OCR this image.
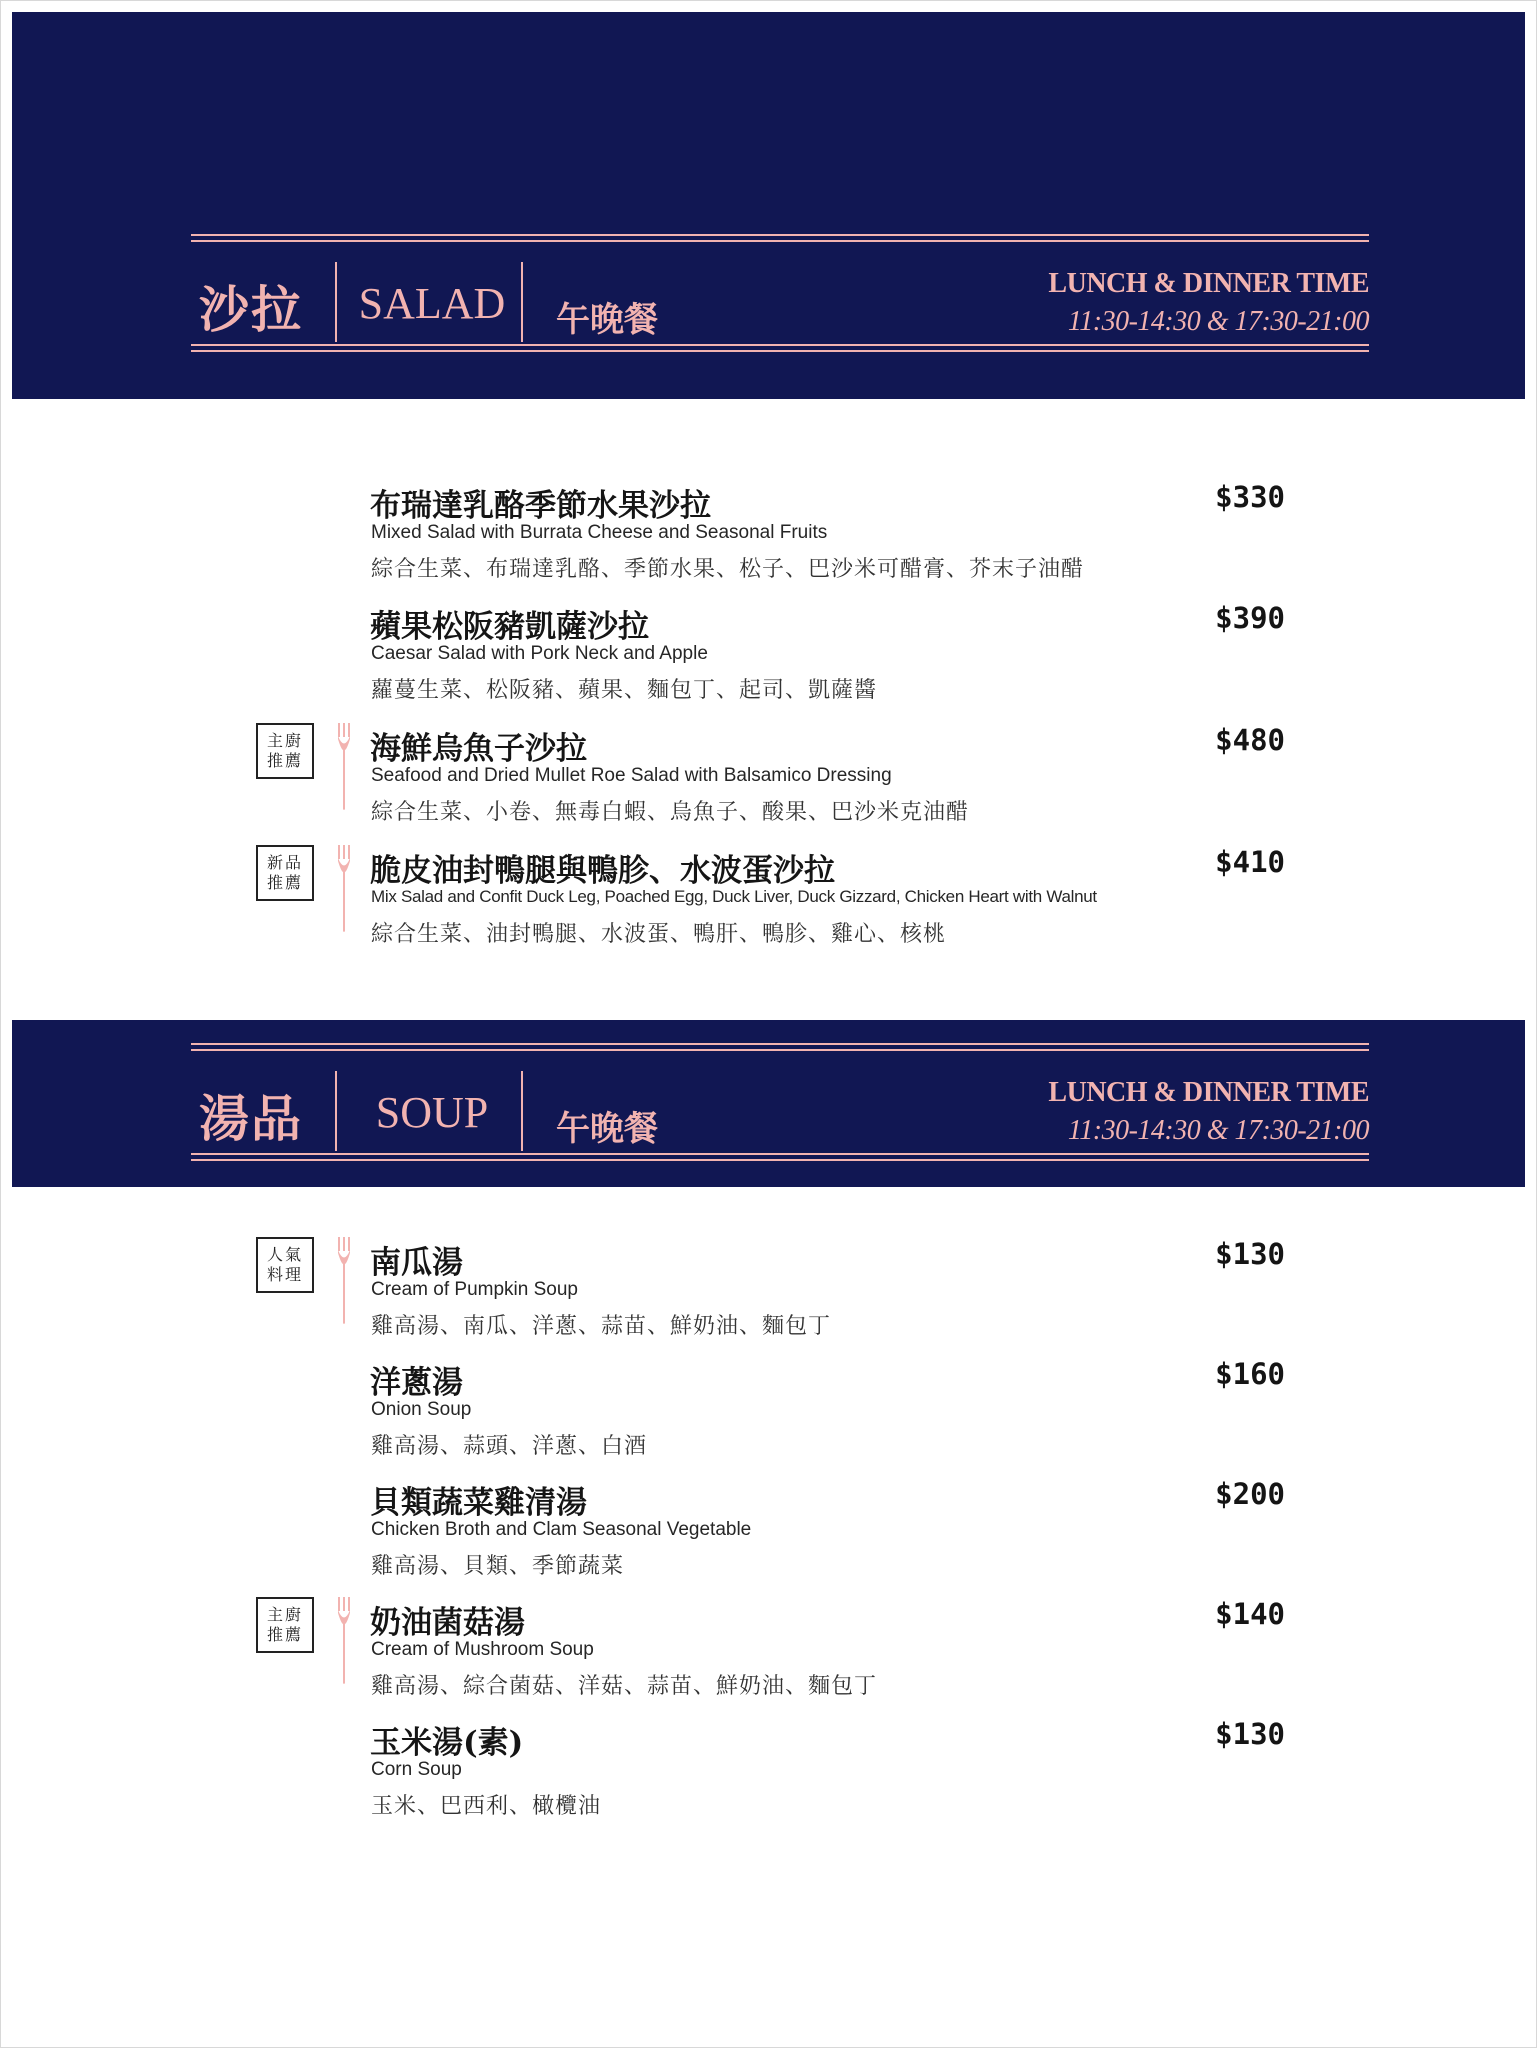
沙拉 SALAD 午晚餐
LUNCH & DINNER TIME
11:30-14:30 & 17:30-21:00
布瑞達乳酪季節水果沙拉	$330
Mixed Salad with Burrata Cheese and Seasonal Fruits
綜合生菜、布瑞達乳酪、季節水果、松子、巴沙米可醋膏、芥末子油醋
蘋果松阪豬凱薩沙拉	$390
Caesar Salad with Pork Neck and Apple
蘿蔓生菜、松阪豬、蘋果、麵包丁、起司、凱薩醬
主廚推薦 海鮮烏魚子沙拉	$480
Seafood and Dried Mullet Roe Salad with Balsamico Dressing
綜合生菜、小卷、無毒白蝦、烏魚子、酸果、巴沙米克油醋
新品推薦 脆皮油封鴨腿與鴨胗、水波蛋沙拉	$410
Mix Salad and Confit Duck Leg, Poached Egg, Duck Liver, Duck Gizzard, Chicken Heart with Walnut
綜合生菜、油封鴨腿、水波蛋、鴨肝、鴨胗、雞心、核桃
湯品	SOUP	午晚餐
LUNCH & DINNER TIME
11:30-14:30 & 17:30-21:00
人氣料理 南瓜湯	$130
Cream of Pumpkin Soup
雞高湯、南瓜、洋蔥、蒜苗、鮮奶油、麵包丁
洋蔥湯	$160
Onion Soup
雞高湯、蒜頭、洋蔥、白酒
貝類蔬菜雞清湯	$200
Chicken Broth and Clam Seasonal Vegetable
雞高湯、貝類、季節蔬菜
主廚推薦 奶油菌菇湯	$140
Cream of Mushroom Soup
雞高湯、綜合菌菇、洋菇、蒜苗、鮮奶油、麵包丁
玉米湯(素)	$130
Corn Soup
玉米、巴西利、橄欖油
